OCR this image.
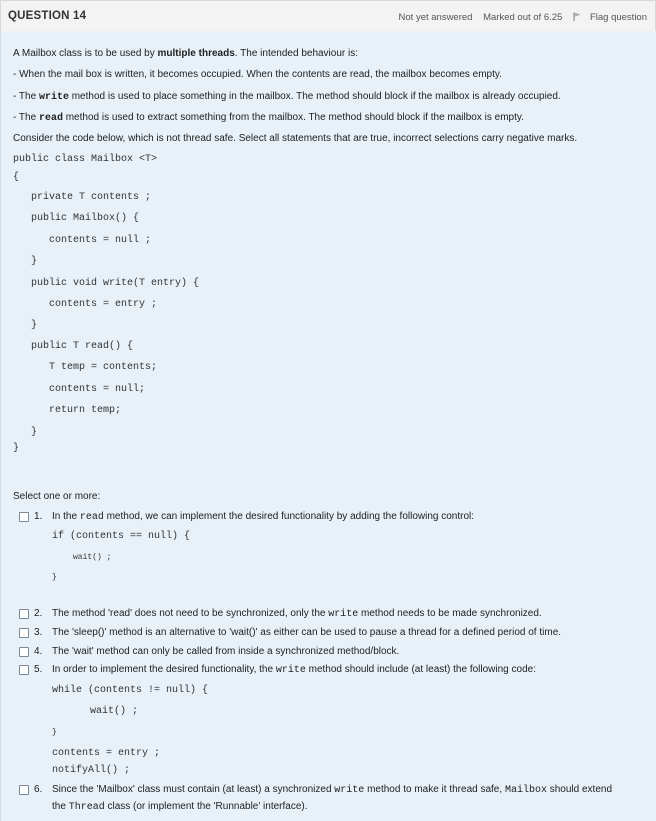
QUESTION 14	Not yet answered Marked out of 6.25	Flag question
A Mailbox class is to be used by multiple threads. The intended behaviour is:
- When the mail box is written, it becomes occupied. When the contents are read, the mailbox becomes empty.
- The write method is used to place something in the mailbox. The method should block if the mailbox is already occupied.
- The read method is used to extract something from the mailbox. The method should block if the mailbox is empty.
Consider the code below, which is not thread safe. Select all statements that are true, incorrect selections carry negative marks.
public class Mailbox <T>
{
private T contents ;
public Mailbox() {
contents = null ;
}
public void write(T entry) {
contents = entry ;
}
public T read() {
T temp = contents;
contents = null;
return temp;
}
}
Select one or more:
1. In the read method, we can implement the desired functionality by adding the following control:
if (contents == null) {
wait() ;
}
2. The method 'read' does not need to be synchronized, only the write method needs to be made synchronized.
3. The 'sleep()' method is an alternative to 'wait()' as either can be used to pause a thread for a defined period of time.
4. The 'wait' method can only be called from inside a synchronized method/block.
5. In order to implement the desired functionality, the write method should include (at least) the following code:
while (contents != null) {
wait() ;
}
contents = entry ;
notifyAll() ;
6. Since the 'Mailbox' class must contain (at least) a synchronized write method to make it thread safe, Mailbox should extend
the Thread class (or implement the 'Runnable' interface).
